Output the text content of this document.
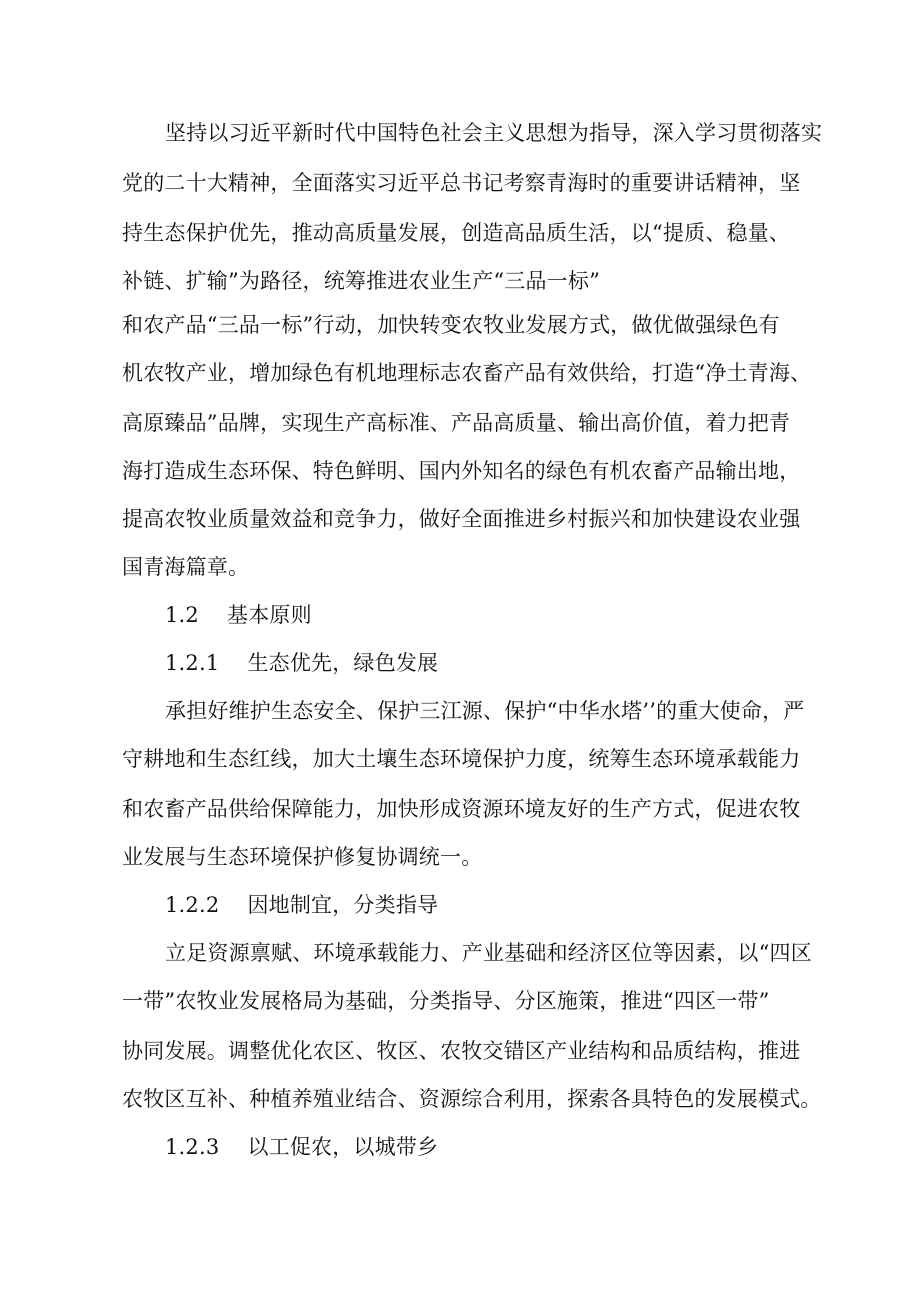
坚持以习近平新时代中国特色社会主义思想为指导，深入学习贯彻落实
党的二十大精神，全面落实习近平总书记考察青海时的重要讲话精神，坚
持生态保护优先，推动高质量发展，创造高品质生活，以“提质、稳量、
补链、扩输”为路径，统筹推进农业生产“三品一标”
和农产品“三品一标”行动，加快转变农牧业发展方式，做优做强绿色有
机农牧产业，增加绿色有机地理标志农畜产品有效供给，打造“净土青海、
高原臻品”品牌，实现生产高标准、产品高质量、输出高价值，着力把青
海打造成生态环保、特色鲜明、国内外知名的绿色有机农畜产品输出地，
提高农牧业质量效益和竞争力，做好全面推进乡村振兴和加快建设农业强
国青海篇章。
1.2 基本原则
1.2.1 生态优先，绿色发展
承担好维护生态安全、保护三江源、保护“中华水塔’’的重大使命，严
守耕地和生态红线，加大土壤生态环境保护力度，统筹生态环境承载能力
和农畜产品供给保障能力，加快形成资源环境友好的生产方式，促进农牧
业发展与生态环境保护修复协调统一。
1.2.2 因地制宜，分类指导
立足资源禀赋、环境承载能力、产业基础和经济区位等因素，以“四区
一带”农牧业发展格局为基础，分类指导、分区施策，推进“四区一带”
协同发展。调整优化农区、牧区、农牧交错区产业结构和品质结构，推进
农牧区互补、种植养殖业结合、资源综合利用，探索各具特色的发展模式。
1.2.3 以工促农，以城带乡
